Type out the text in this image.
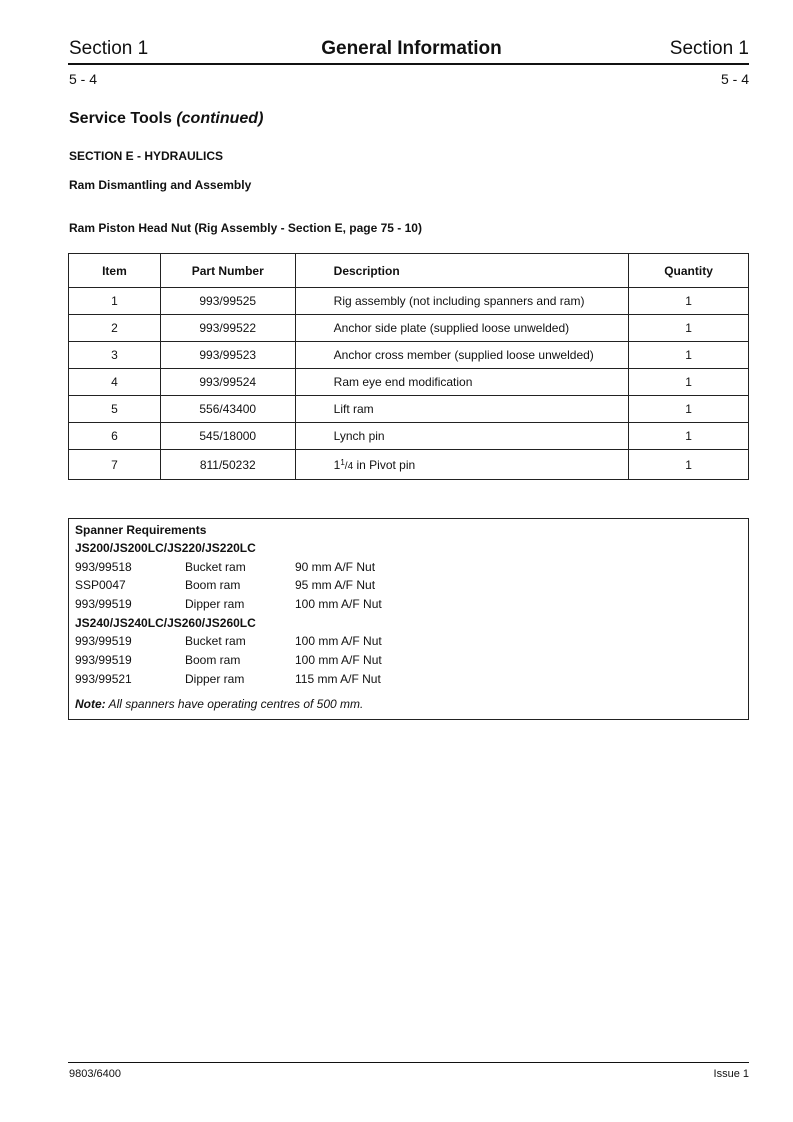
Section 1	General Information	Section 1
5 - 4	5 - 4
Service Tools (continued)
SECTION E - HYDRAULICS
Ram Dismantling and Assembly
Ram Piston Head Nut (Rig Assembly - Section E, page 75 - 10)
Item	Part Number	Description	Quantity
1	993/99525	Rig assembly (not including spanners and ram)	1
2	993/99522	Anchor side plate (supplied loose unwelded)	1
3	993/99523	Anchor cross member (supplied loose unwelded)	1
4	993/99524	Ram eye end modification	1
5	556/43400	Lift ram	1
6	545/18000	Lynch pin	1
7	811/50232	$1^1/4$ in Pivot pin	1
Spanner Requirements
JS200/JS200LC/JS220/JS220LC
993/99518	Bucket ram	90 mm A/F Nut
SSP0047	Boom ram	95 mm A/F Nut
993/99519	Dipper ram	100 mm A/F Nut
JS240/JS240LC/JS260/JS260LC
993/99519	Bucket ram	100 mm A/F Nut
993/99519	Boom ram	100 mm A/F Nut
993/99521	Dipper ram	115 mm A/F Nut
Note: All spanners have operating centres of 500 mm.
9803/6400	Issue 1
